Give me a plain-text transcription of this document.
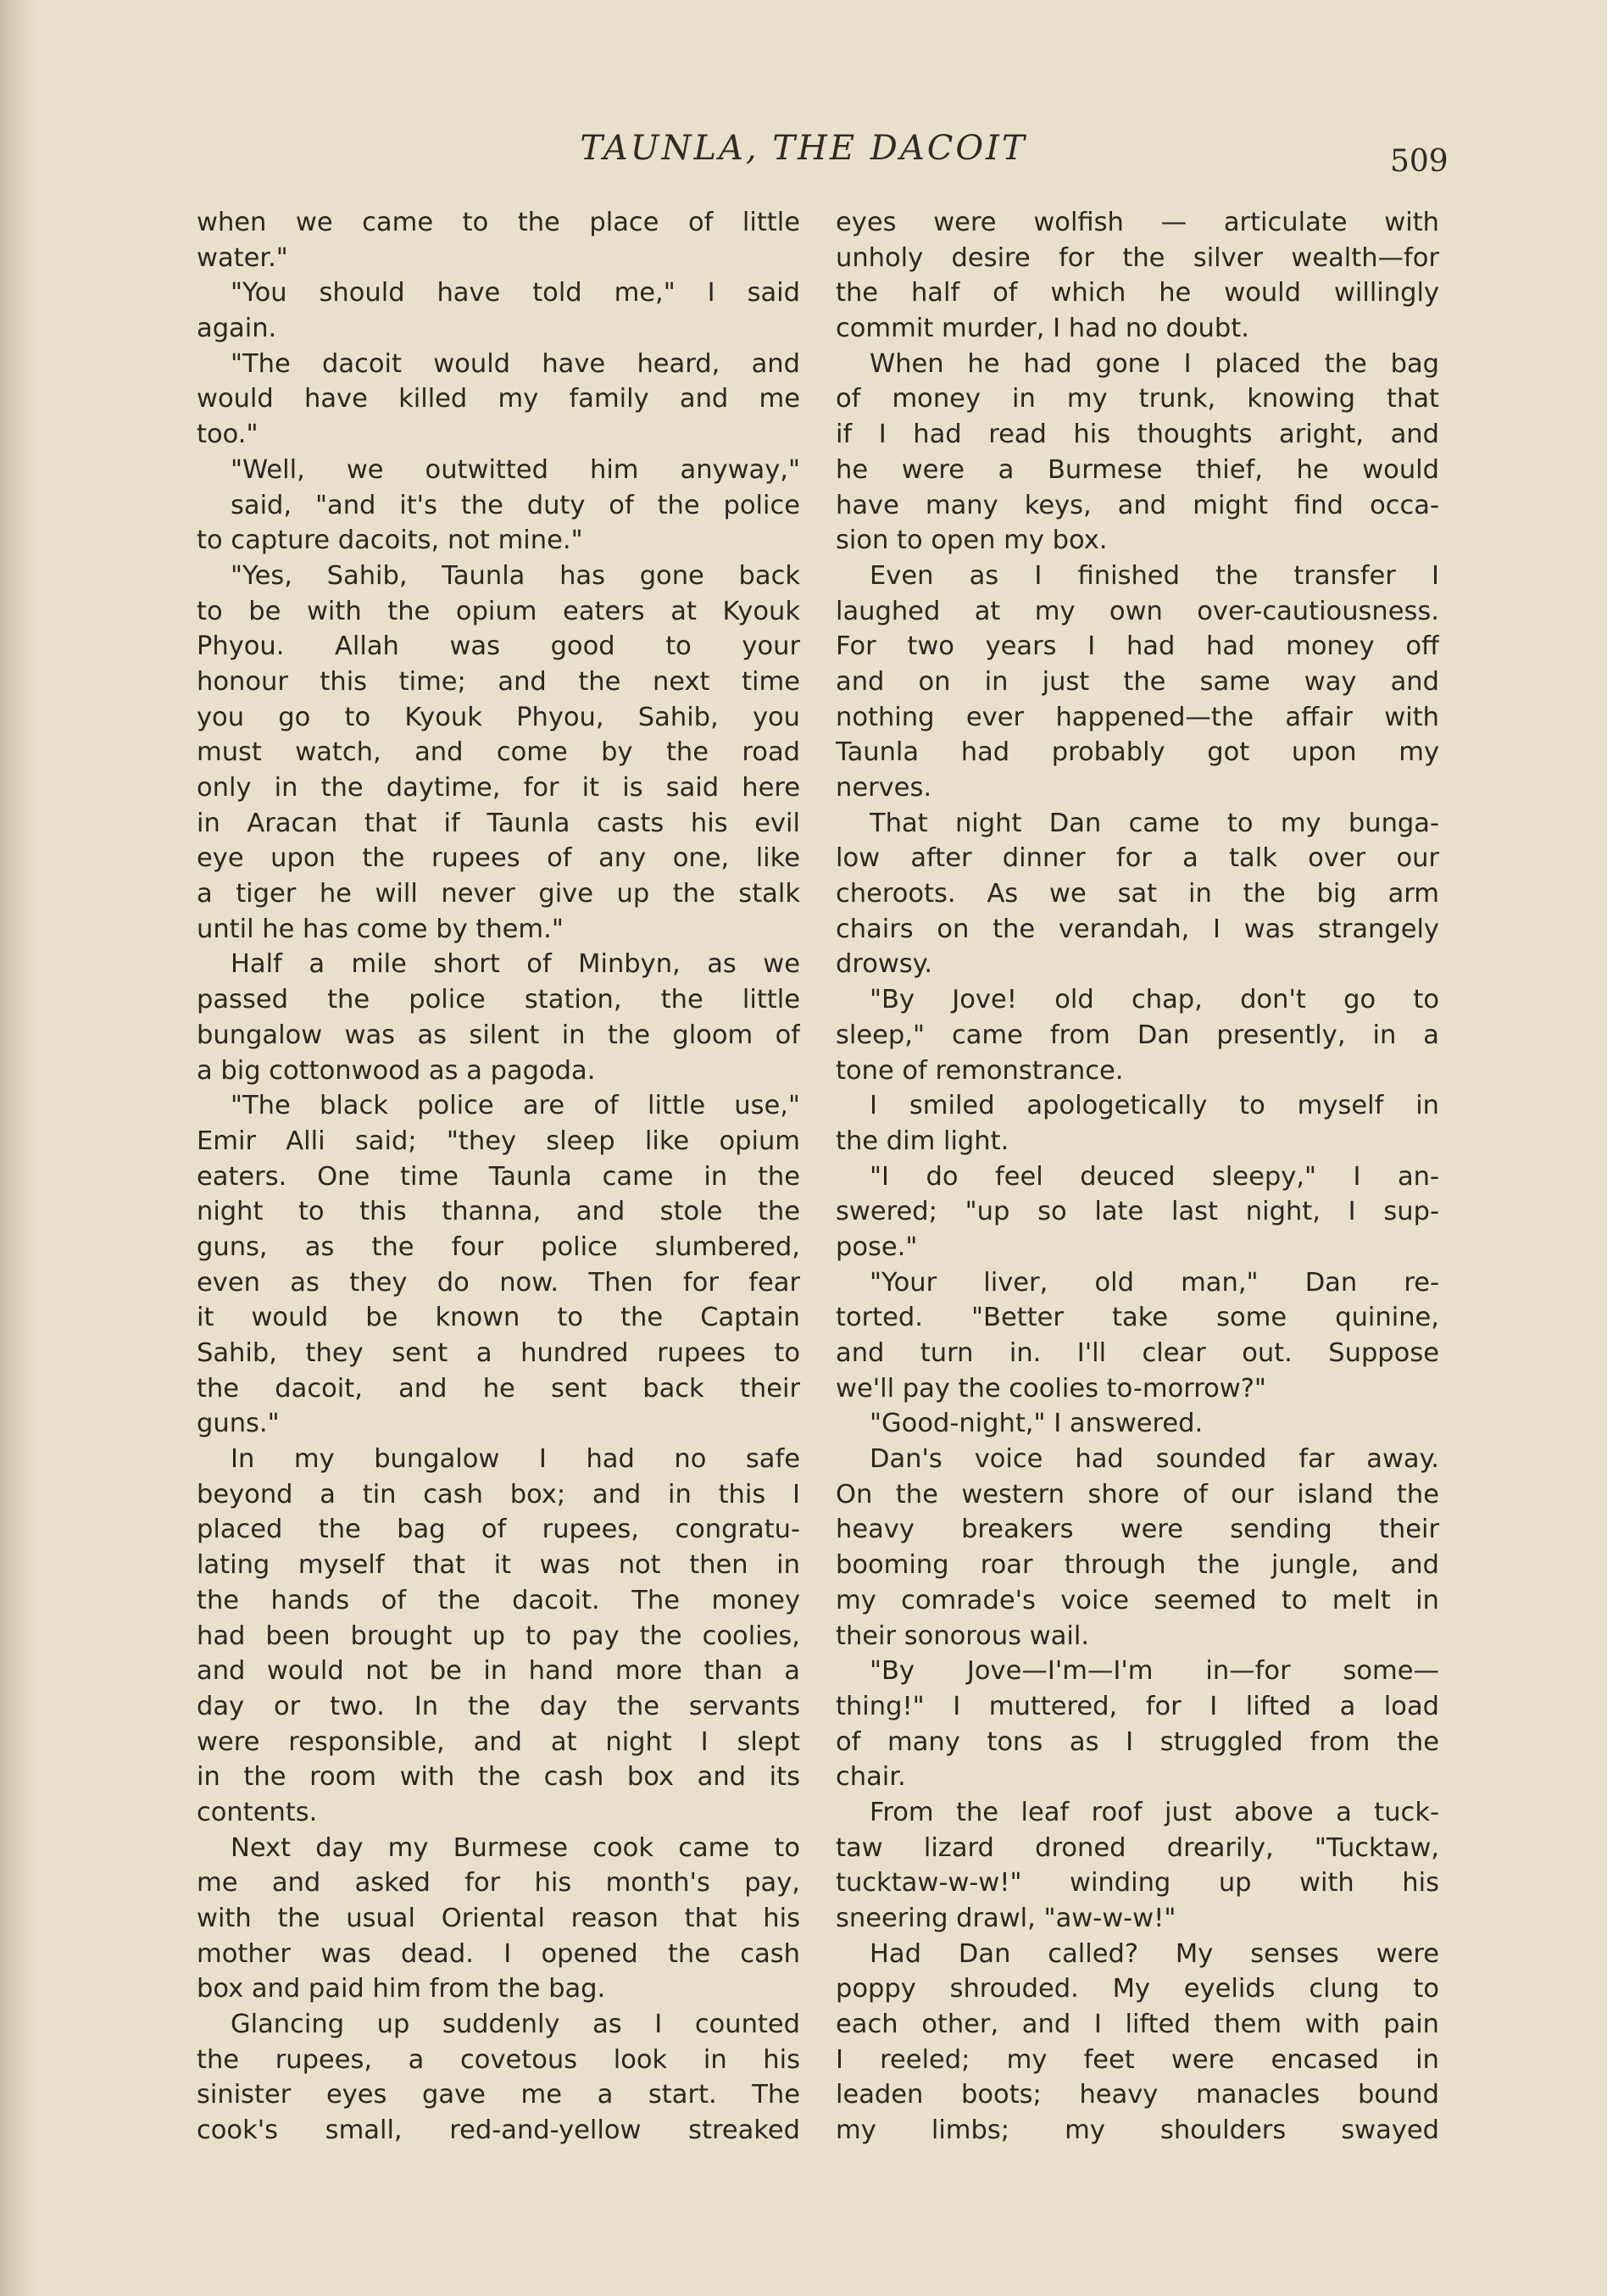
TAUNLA, THE DACOIT	509
when we came to the place of little
water."
"You should have told me," I said
again.
"The dacoit would have heard, and
would have killed my family and me
too."
"Well, we outwitted him anyway,"
said, "and it's the duty of the police
to capture dacoits, not mine."
"Yes, Sahib, Taunla has gone back
to be with the opium eaters at Kyouk
Phyou. Allah was good to your
honour this time; and the next time
you go to Kyouk Phyou, Sahib, you
must watch, and come by the road
only in the daytime, for it is said here
in Aracan that if Taunla casts his evil
eye upon the rupees of any one, like
a tiger he will never give up the stalk
until he has come by them."
Half a mile short of Minbyn, as we
passed the police station, the little
bungalow was as silent in the gloom of
a big cottonwood as a pagoda.
"The black police are of little use,"
Emir Alli said; "they sleep like opium
eaters. One time Taunla came in the
night to this thanna, and stole the
guns, as the four police slumbered,
even as they do now. Then for fear
it would be known to the Captain
Sahib, they sent a hundred rupees to
the dacoit, and he sent back their
guns."
In my bungalow I had no safe
beyond a tin cash box; and in this I
placed the bag of rupees, congratu-
lating myself that it was not then in
the hands of the dacoit. The money
had been brought up to pay the coolies,
and would not be in hand more than a
day or two. In the day the servants
were responsible, and at night I slept
in the room with the cash box and its
contents.
Next day my Burmese cook came to
me and asked for his month's pay,
with the usual Oriental reason that his
mother was dead. I opened the cash
box and paid him from the bag.
Glancing up suddenly as I counted
the rupees, a covetous look in his
sinister eyes gave me a start. The
cook's small, red-and-yellow streaked
eyes were wolfish — articulate with
unholy desire for the silver wealth—for
the half of which he would willingly
commit murder, I had no doubt.
When he had gone I placed the bag
of money in my trunk, knowing that
if I had read his thoughts aright, and
he were a Burmese thief, he would
have many keys, and might find occa-
sion to open my box.
Even as I finished the transfer I
laughed at my own over-cautiousness.
For two years I had had money off
and on in just the same way and
nothing ever happened—the affair with
Taunla had probably got upon my
nerves.
That night Dan came to my bunga-
low after dinner for a talk over our
cheroots. As we sat in the big arm
chairs on the verandah, I was strangely
drowsy.
"By Jove! old chap, don't go to
sleep," came from Dan presently, in a
tone of remonstrance.
I smiled apologetically to myself in
the dim light.
"I do feel deuced sleepy," I an-
swered; "up so late last night, I sup-
pose."
"Your liver, old man," Dan re-
torted. "Better take some quinine,
and turn in. I'll clear out. Suppose
we'll pay the coolies to-morrow?"
"Good-night," I answered.
Dan's voice had sounded far away.
On the western shore of our island the
heavy breakers were sending their
booming roar through the jungle, and
my comrade's voice seemed to melt in
their sonorous wail.
"By Jove—I'm—I'm in—for some—
thing!" I muttered, for I lifted a load
of many tons as I struggled from the
chair.
From the leaf roof just above a tuck-
taw lizard droned drearily, "Tucktaw,
tucktaw-w-w!" winding up with his
sneering drawl, "aw-w-w!"
Had Dan called? My senses were
poppy shrouded. My eyelids clung to
each other, and I lifted them with pain
I reeled; my feet were encased in
leaden boots; heavy manacles bound
my limbs; my shoulders swayed
